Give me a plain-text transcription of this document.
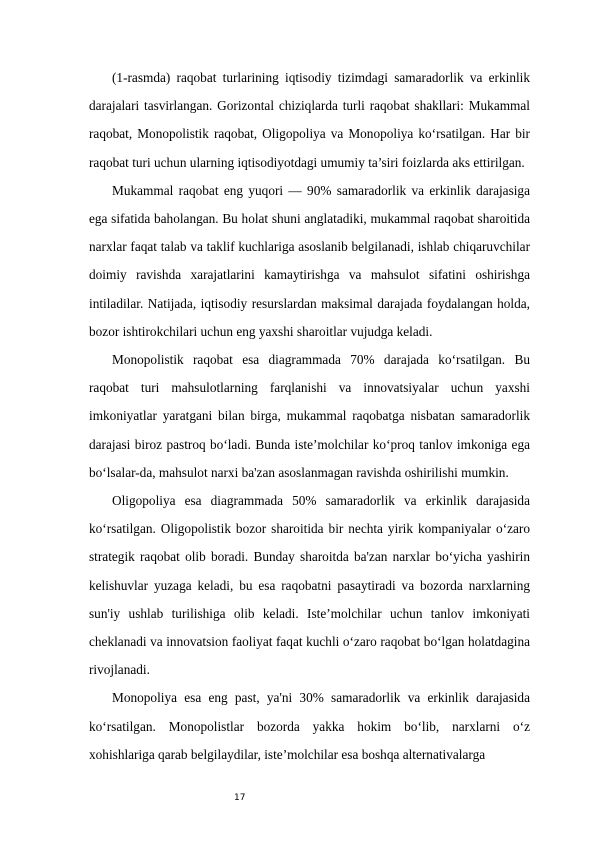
(1-rasmda) raqobat turlarining iqtisodiy tizimdagi samaradorlik va erkinlik darajalari tasvirlangan. Gorizontal chiziqlarda turli raqobat shakllari: Mukammal raqobat, Monopolistik raqobat, Oligopoliya va Monopoliya ko‘rsatilgan. Har bir raqobat turi uchun ularning iqtisodiyotdagi umumiy ta’siri foizlarda aks ettirilgan.

Mukammal raqobat eng yuqori — 90% samaradorlik va erkinlik darajasiga ega sifatida baholangan. Bu holat shuni anglatadiki, mukammal raqobat sharoitida narxlar faqat talab va taklif kuchlariga asoslanib belgilanadi, ishlab chiqaruvchilar doimiy ravishda xarajatlarini kamaytirishga va mahsulot sifatini oshirishga intiladilar. Natijada, iqtisodiy resurslardan maksimal darajada foydalangan holda, bozor ishtirokchilari uchun eng yaxshi sharoitlar vujudga keladi.

Monopolistik raqobat esa diagrammada 70% darajada ko‘rsatilgan. Bu raqobat turi mahsulotlarning farqlanishi va innovatsiyalar uchun yaxshi imkoniyatlar yaratgani bilan birga, mukammal raqobatga nisbatan samaradorlik darajasi biroz pastroq bo‘ladi. Bunda iste’molchilar ko‘proq tanlov imkoniga ega bo‘lsalar-da, mahsulot narxi ba'zan asoslanmagan ravishda oshirilishi mumkin.

Oligopoliya esa diagrammada 50% samaradorlik va erkinlik darajasida ko‘rsatilgan. Oligopolistik bozor sharoitida bir nechta yirik kompaniyalar o‘zaro strategik raqobat olib boradi. Bunday sharoitda ba'zan narxlar bo‘yicha yashirin kelishuvlar yuzaga keladi, bu esa raqobatni pasaytiradi va bozorda narxlarning sun'iy ushlab turilishiga olib keladi. Iste’molchilar uchun tanlov imkoniyati cheklanadi va innovatsion faoliyat faqat kuchli o‘zaro raqobat bo‘lgan holatdagina rivojlanadi.

Monopoliya esa eng past, ya'ni 30% samaradorlik va erkinlik darajasida ko‘rsatilgan. Monopolistlar bozorda yakka hokim bo‘lib, narxlarni o‘z xohishlariga qarab belgilaydilar, iste’molchilar esa boshqa alternativalarga

17
